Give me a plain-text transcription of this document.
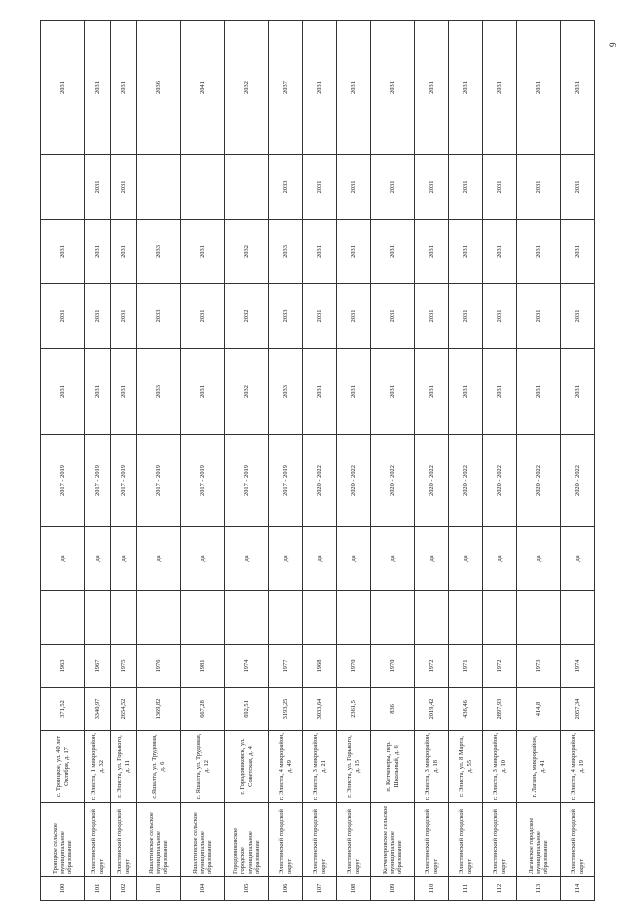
100	Троицкое сельское муниципальное образование	с. Троицкое, ул. 40 лет Октября, д. 17	371,52	1963		да	2017 - 2019	2031	2031	2031		2031
101	Элистинский городской округ	г. Элиста, 1 микрорайон, д. 32	3340,97	1967		да	2017 - 2019	2031	2031	2031	2031	2031
102	Элистинский городской округ	г. Элиста, ул. Горького, д. 11	2654,52	1975		да	2017 - 2019	2031	2031	2031	2031	2031
103	Яшалтинское сельское муниципальное образование	с.Яшалта, ул. Трудовая, д. 6	1369,82	1976		да	2017 - 2019	2033	2033	2033		2036
104	Яшалтинское сельское муниципальное образование	с. Яшалта, ул. Трудовая, д. 12	667,28	1981		да	2017 - 2019	2031	2031	2031		2041
105	Городовиковское городское муниципальное образование	г. Городовиковск, ул. Советская, д. 4	692,51	1974		да	2017 - 2019	2032	2032	2032		2032
106	Элистинский городской округ	г. Элиста, 4 микрорайон, д. 49	3193,25	1977		да	2017 - 2019	2033	2033	2033	2033	2037
107	Элистинский городской округ	г. Элиста, 3 микрорайон, д. 21	3033,64	1968		да	2020 - 2022	2031	2031	2031	2031	2031
108	Элистинский городской округ	г. Элиста, ул. Горького, д. 15	2361,5	1970		да	2020 - 2022	2031	2031	2031	2031	2031
109	Кетченеровское сельское муниципальное образование	п. Кетченеры, пер. Школьный, д. 6	836	1970		да	2020 - 2022	2031	2031	2031	2031	2031
110	Элистинский городской округ	г. Элиста, 3 микрорайон, д. 18	2019,42	1972		да	2020 - 2022	2031	2031	2031	2031	2031
111	Элистинский городской округ	г. Элиста, ул. 8 Марта, д. 55	436,46	1971		да	2020 - 2022	2031	2031	2031	2031	2031
112	Элистинский городской округ	г. Элиста, 3 микрорайон, д. 10	2897,93	1972		да	2020 - 2022	2031	2031	2031	2031	2031
113	Лаганское городское муниципальное образование	г. Лагань, микрорайон, д. 41	414,8	1973		да	2020 - 2022	2031	2031	2031	2031	2031
114	Элистинский городской округ	г. Элиста, 4 микрорайон, д. 19	2057,34	1974		да	2020 - 2022	2031	2031	2031	2031	2031
9
